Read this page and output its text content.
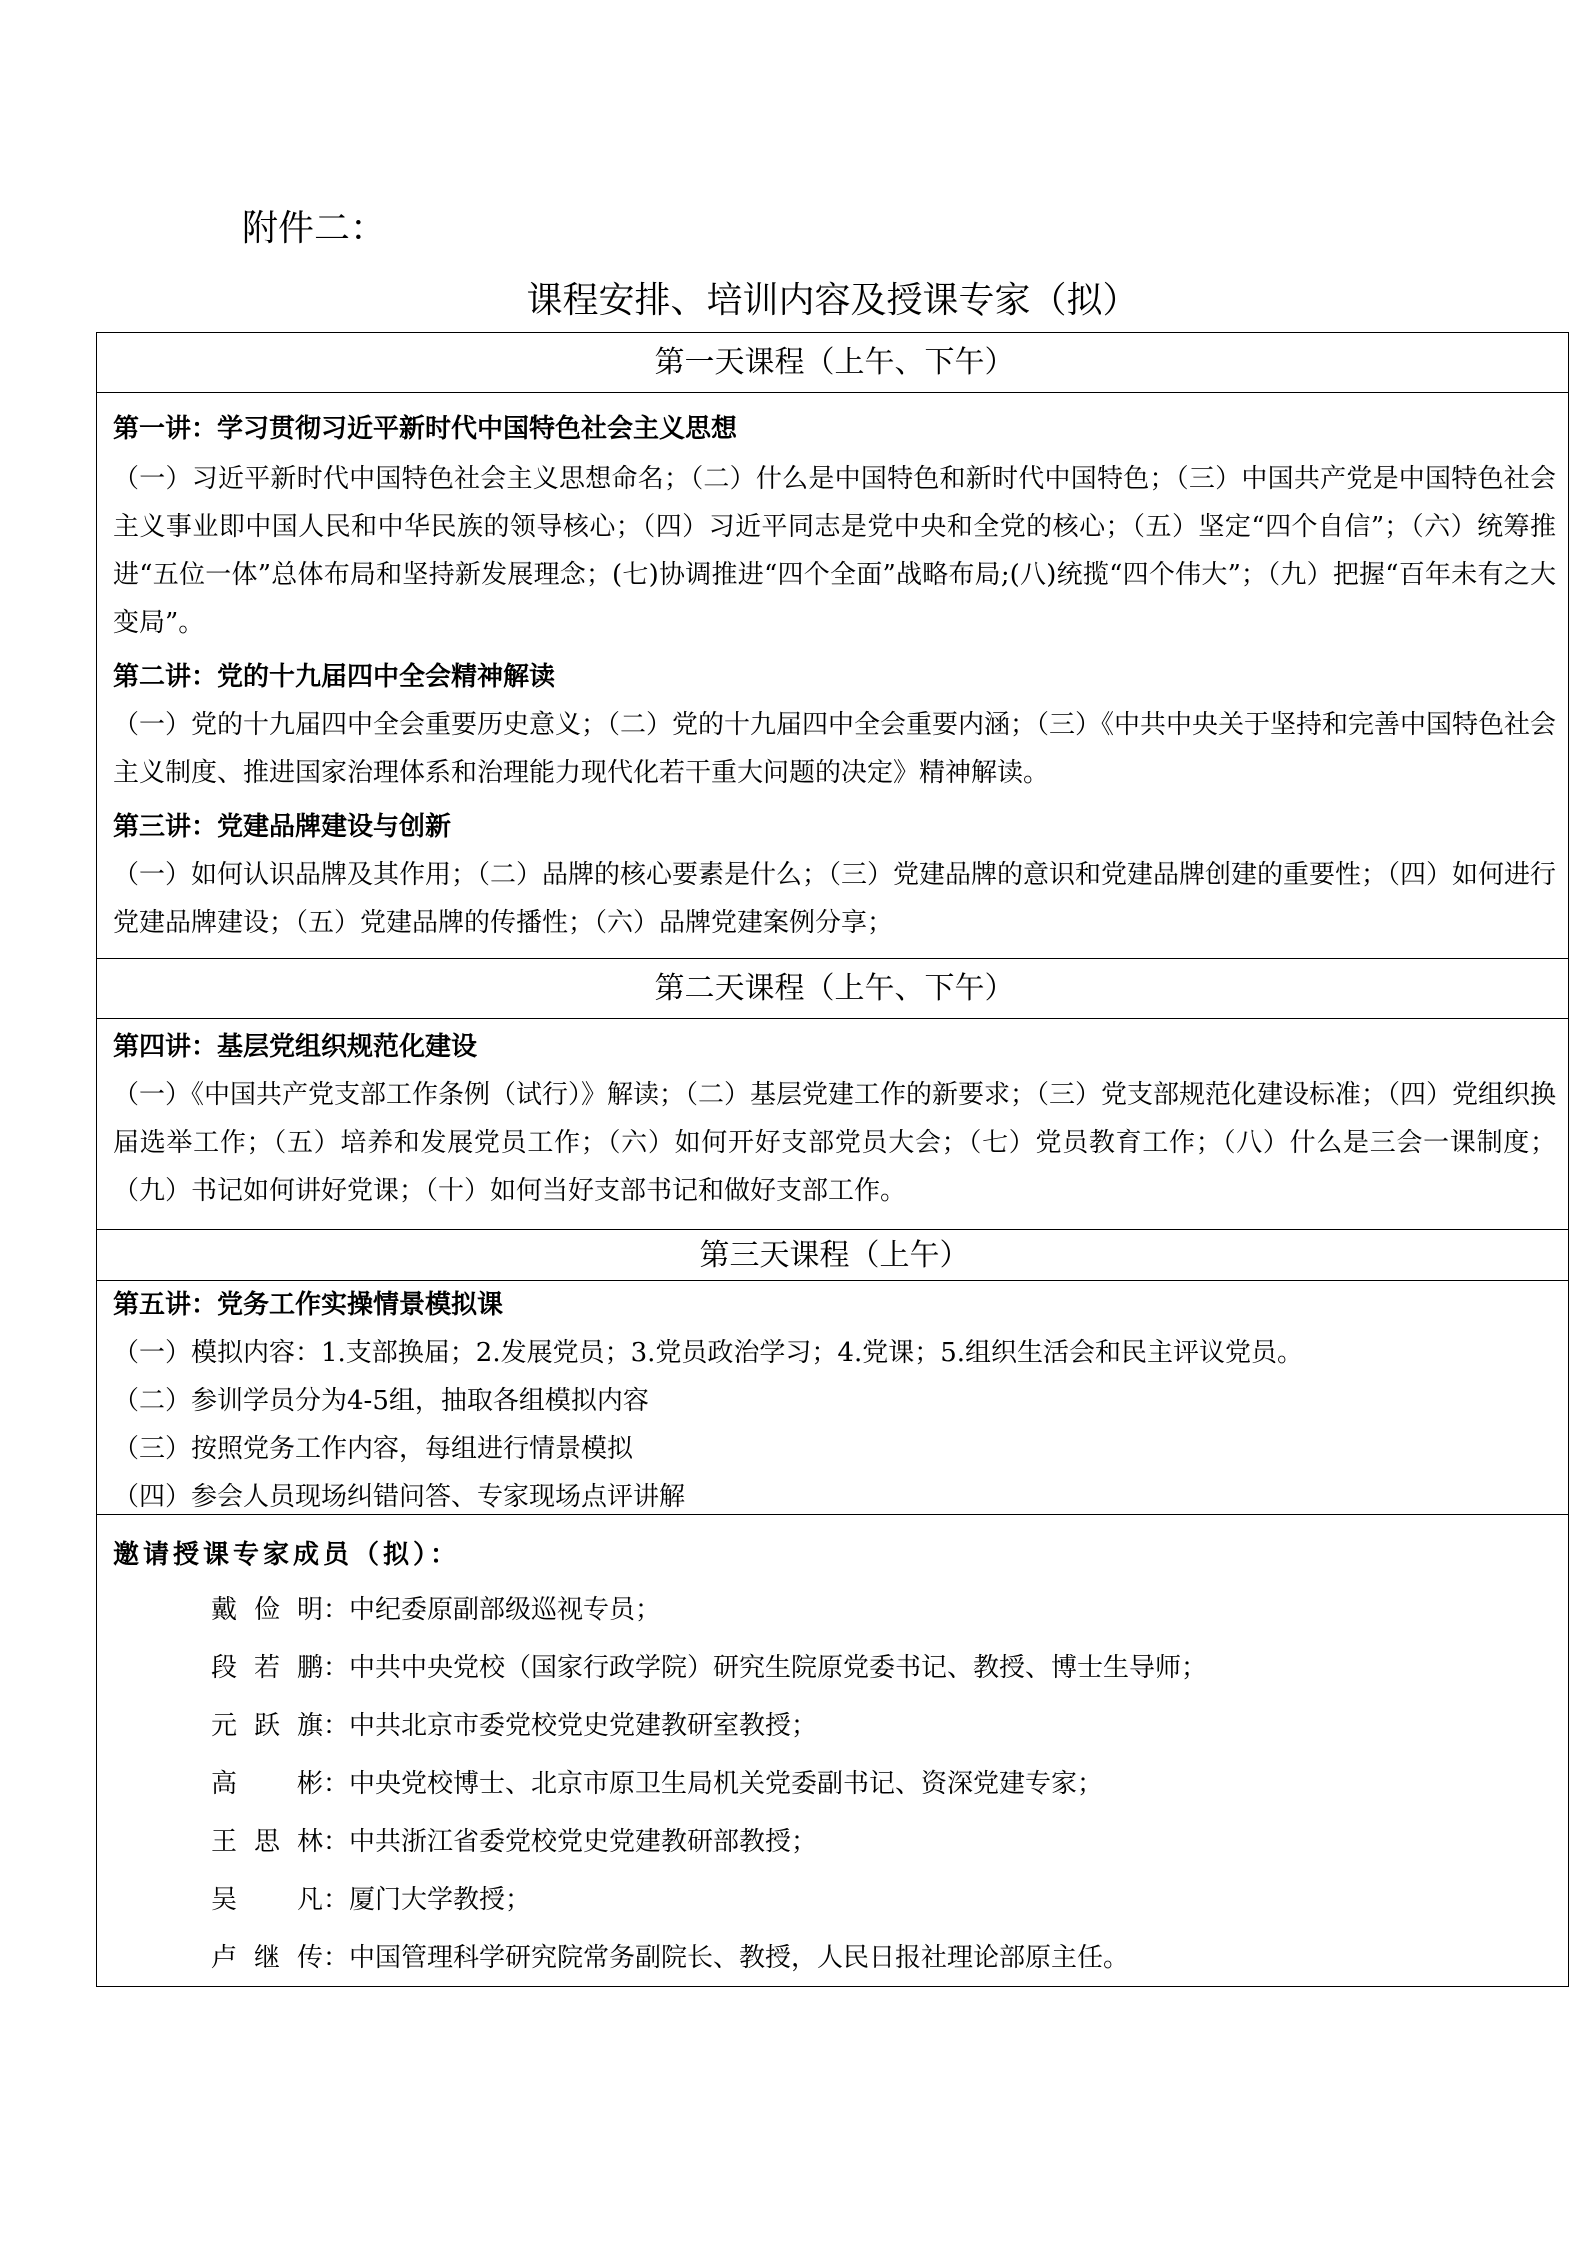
附件二：
课程安排、培训内容及授课专家（拟）
第一天课程（上午、下午）

第一讲：学习贯彻习近平新时代中国特色社会主义思想

（一）习近平新时代中国特色社会主义思想命名；（二）什么是中国特色和新时代中国特色；（三）中国共产党是中国特色社会主义事业即中国人民和中华民族的领导核心；（四）习近平同志是党中央和全党的核心；（五）坚定“四个自信”；（六）统筹推进“五位一体”总体布局和坚持新发展理念；(七)协调推进“四个全面”战略布局;(八)统揽“四个伟大”；（九）把握“百年未有之大变局”。

第二讲：党的十九届四中全会精神解读

（一）党的十九届四中全会重要历史意义；（二）党的十九届四中全会重要内涵；（三）《中共中央关于坚持和完善中国特色社会主义制度、推进国家治理体系和治理能力现代化若干重大问题的决定》精神解读。

第三讲：党建品牌建设与创新

（一）如何认识品牌及其作用；（二）品牌的核心要素是什么；（三）党建品牌的意识和党建品牌创建的重要性；（四）如何进行党建品牌建设；（五）党建品牌的传播性；（六）品牌党建案例分享；

第二天课程（上午、下午）

第四讲：基层党组织规范化建设

（一）《中国共产党支部工作条例（试行）》解读；（二）基层党建工作的新要求；（三）党支部规范化建设标准；（四）党组织换届选举工作；（五）培养和发展党员工作；（六）如何开好支部党员大会；（七）党员教育工作；（八）什么是三会一课制度；（九）书记如何讲好党课；（十）如何当好支部书记和做好支部工作。

第三天课程（上午）

第五讲：党务工作实操情景模拟课

（一）模拟内容：1.支部换届；2.发展党员；3.党员政治学习；4.党课；5.组织生活会和民主评议党员。

（二）参训学员分为4-5组，抽取各组模拟内容

（三）按照党务工作内容，每组进行情景模拟

（四）参会人员现场纠错问答、专家现场点评讲解

邀请授课专家成员（拟）：

戴俭明 ： 中纪委原副部级巡视专员；

段若鹏 ： 中共中央党校（国家行政学院）研究生院原党委书记、教授、博士生导师；

元跃旗 ： 中共北京市委党校党史党建教研室教授；

高彬 ： 中央党校博士、北京市原卫生局机关党委副书记、资深党建专家；

王思林 ： 中共浙江省委党校党史党建教研部教授；

吴凡 ： 厦门大学教授；

卢继传 ： 中国管理科学研究院常务副院长、教授，人民日报社理论部原主任。
